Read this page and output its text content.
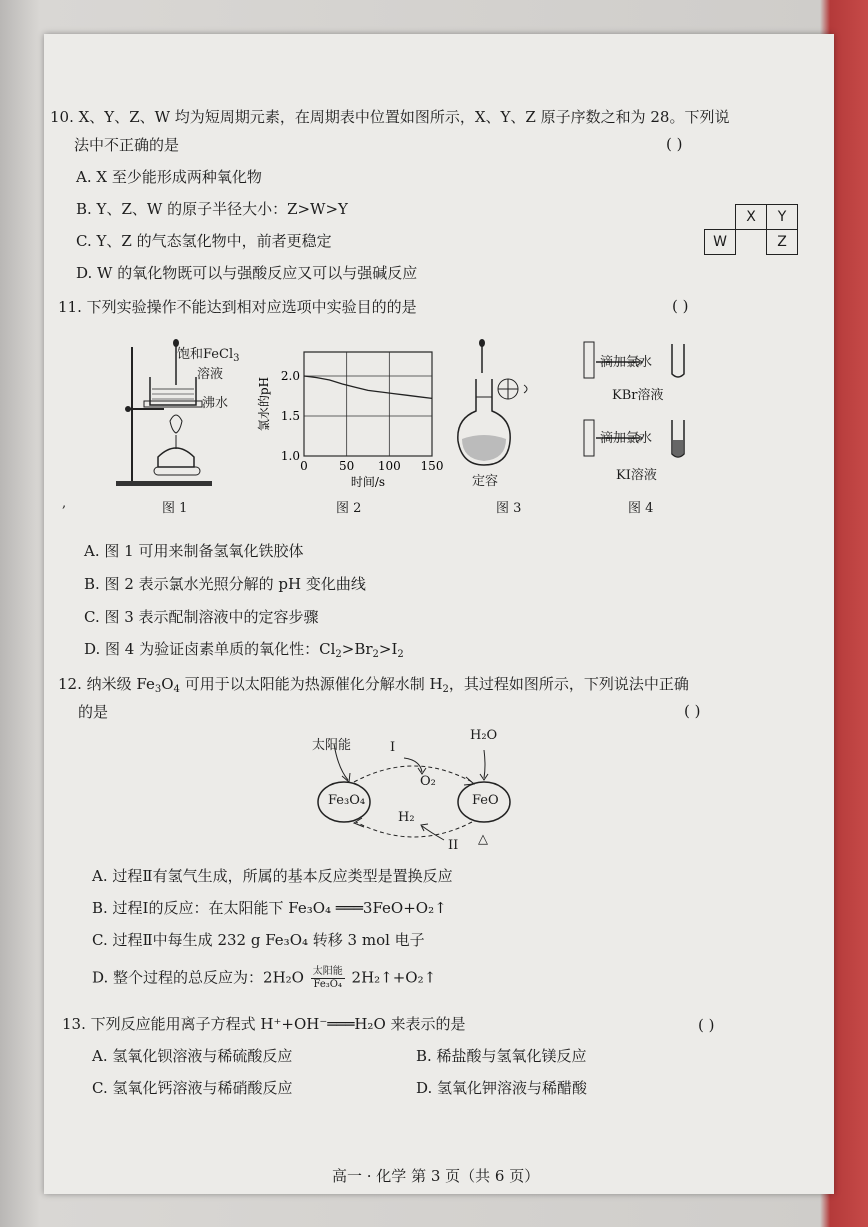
10. X、Y、Z、W 均为短周期元素，在周期表中位置如图所示，X、Y、Z 原子序数之和为 28。下列说
法中不正确的是	( )
	X	Y
W		Z
A. X 至少能形成两种氧化物
B. Y、Z、W 的原子半径大小：Z>W>Y
C. Y、Z 的气态氢化物中，前者更稳定
D. W 的氧化物既可以与强酸反应又可以与强碱反应
11. 下列实验操作不能达到相对应选项中实验目的的是	( )
饱和FeCl$_3$
溶液
沸水
图 1
,
0	50 100 150
1.0
1.5
2.0
时间/s
氯水的pH
图 2
定容
图 3
滴加氯水
KBr溶液
滴加氯水
KI溶液
图 4
A. 图 1 可用来制备氢氧化铁胶体
B. 图 2 表示氯水光照分解的 pH 变化曲线
C. 图 3 表示配制溶液中的定容步骤
D. 图 4 为验证卤素单质的氧化性：$Cl_2>Br_2>I_2$
12. 纳米级 $Fe_3O_4$ 可用于以太阳能为热源催化分解水制 $H_2$，其过程如图所示，下列说法中正确
的是	( )
太阳能	I
H₂O
O₂
Fe₃O₄	FeO
H₂
II △
A. 过程Ⅱ有氢气生成，所属的基本反应类型是置换反应
B. 过程Ⅰ的反应：在太阳能下 Fe₃O₄ ═══3FeO+O₂↑
C. 过程Ⅱ中每生成 232 g Fe₃O₄ 转移 3 mol 电子
D. 整个过程的总反应为：2H₂O 太阳能
Fe₃O₄ 2H₂↑+O₂↑
13. 下列反应能用离子方程式 H⁺+OH⁻═══H₂O 来表示的是	( )
A. 氢氧化钡溶液与稀硫酸反应	B. 稀盐酸与氢氧化镁反应
C. 氢氧化钙溶液与稀硝酸反应	D. 氢氧化钾溶液与稀醋酸
高一 · 化学 第 3 页（共 6 页）
